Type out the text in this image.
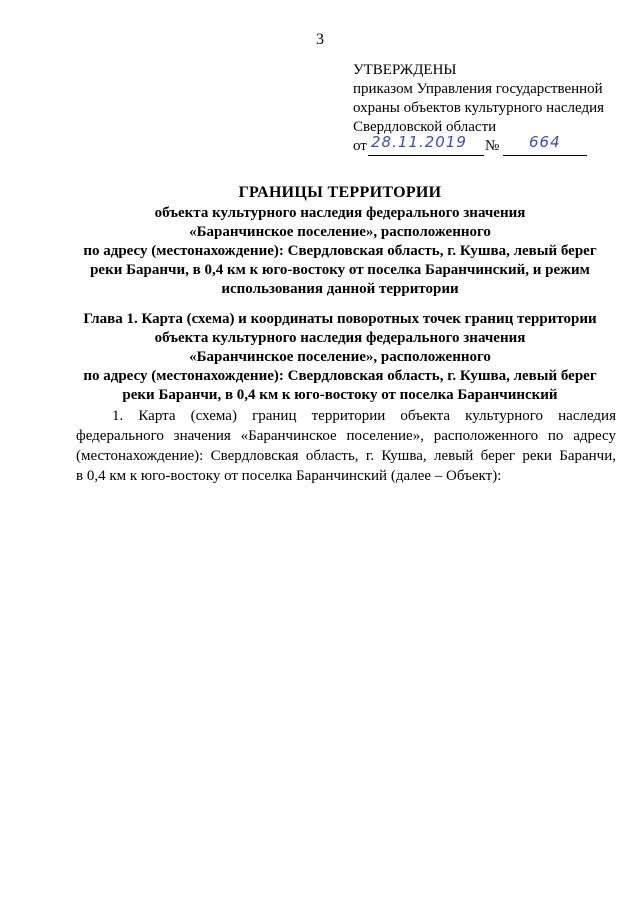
3
УТВЕРЖДЕНЫ
приказом Управления государственной
охраны объектов культурного наследия
Свердловской области
от 28.11.2019 № 664
ГРАНИЦЫ ТЕРРИТОРИИ
объекта культурного наследия федерального значения
«Баранчинское поселение», расположенного
по адресу (местонахождение): Свердловская область, г. Кушва, левый берег
реки Баранчи, в 0,4 км к юго-востоку от поселка Баранчинский, и режим
использования данной территории
Глава 1. Карта (схема) и координаты поворотных точек границ территории
объекта культурного наследия федерального значения
«Баранчинское поселение», расположенного
по адресу (местонахождение): Свердловская область, г. Кушва, левый берег
реки Баранчи, в 0,4 км к юго-востоку от поселка Баранчинский
1. Карта (схема) границ территории объекта культурного наследия
федерального значения «Баранчинское поселение», расположенного по адресу
(местонахождение): Свердловская область, г. Кушва, левый берег реки Баранчи,
в 0,4 км к юго-востоку от поселка Баранчинский (далее – Объект):
